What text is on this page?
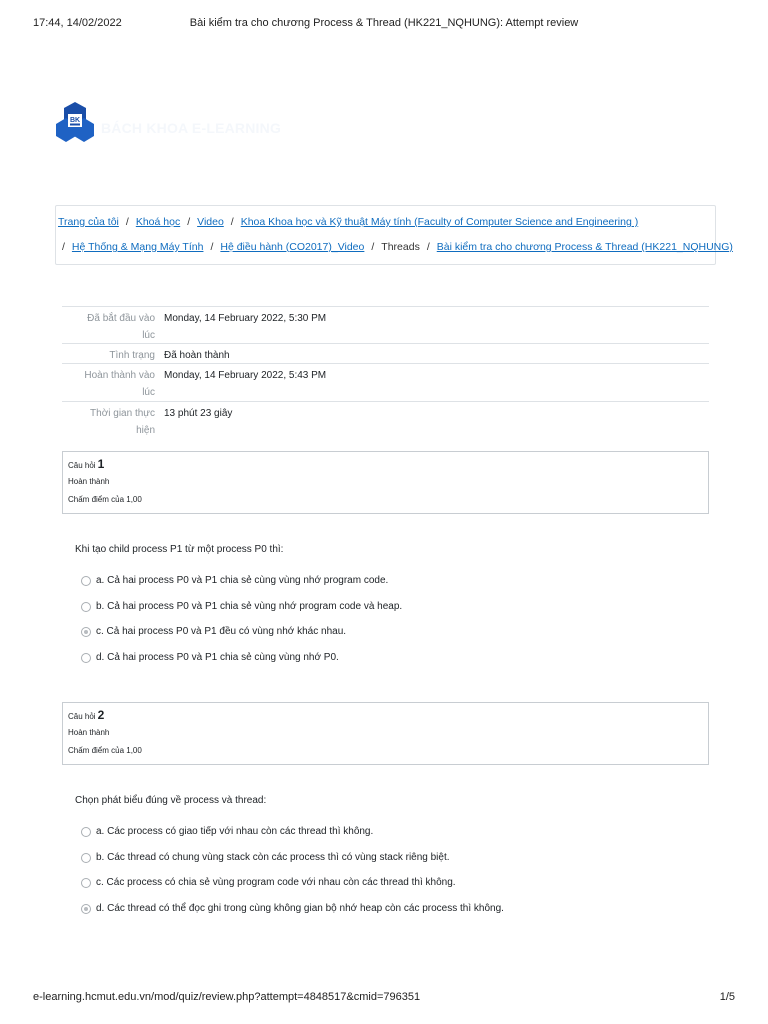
17:44, 14/02/2022	Bài kiểm tra cho chương Process & Thread (HK221_NQHUNG): Attempt review
BK BÁCH KHOA E-LEARNING
Trang của tôi / Khoá học / Video / Khoa Khoa học và Kỹ thuật Máy tính (Faculty of Computer Science and Engineering )
/ Hệ Thống & Mạng Máy Tính / Hệ điều hành (CO2017)_Video / Threads / Bài kiểm tra cho chương Process & Thread (HK221_NQHUNG)
Đã bắt đầu vào
lúc
Monday, 14 February 2022, 5:30 PM
Tình trạng Đã hoàn thành
Hoàn thành vào
lúc
Monday, 14 February 2022, 5:43 PM
Thời gian thực
hiện
13 phút 23 giây
Câu hỏi 1
Hoàn thành
Chấm điểm của 1,00
Khi tạo child process P1 từ một process P0 thì:
a. Cả hai process P0 và P1 chia sẻ cùng vùng nhớ program code.
b. Cả hai process P0 và P1 chia sẻ vùng nhớ program code và heap.
c. Cả hai process P0 và P1 đều có vùng nhớ khác nhau.
d. Cả hai process P0 và P1 chia sẻ cùng vùng nhớ P0.
Câu hỏi 2
Hoàn thành
Chấm điểm của 1,00
Chọn phát biểu đúng về process và thread:
a. Các process có giao tiếp với nhau còn các thread thì không.
b. Các thread có chung vùng stack còn các process thì có vùng stack riêng biệt.
c. Các process có chia sẻ vùng program code với nhau còn các thread thì không.
d. Các thread có thể đọc ghi trong cùng không gian bộ nhớ heap còn các process thì không.
e-learning.hcmut.edu.vn/mod/quiz/review.php?attempt=4848517&cmid=796351	1/5
